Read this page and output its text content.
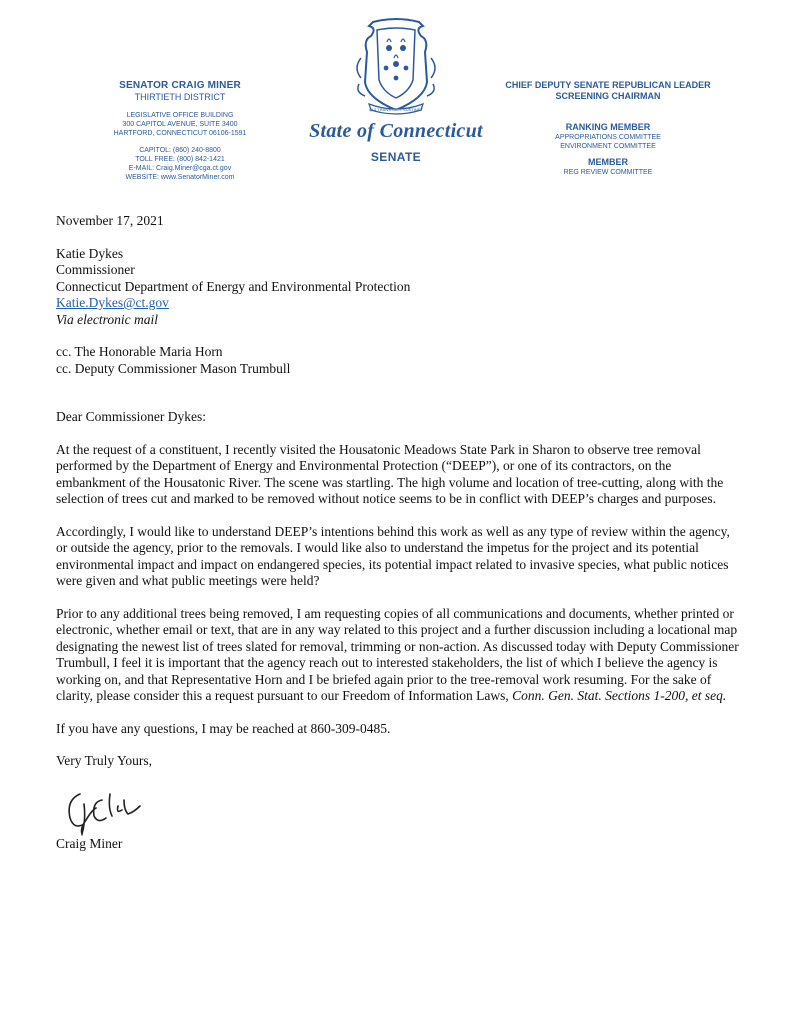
SENATOR CRAIG MINER
THIRTIETH DISTRICT
LEGISLATIVE OFFICE BUILDING
300 CAPITOL AVENUE, SUITE 3400
HARTFORD, CONNECTICUT 06106-1591
CAPITOL: (860) 240-8800
TOLL FREE: (800) 842-1421
E-MAIL: Craig.Miner@cga.ct.gov
WEBSITE: www.SenatorMiner.com
QUI TRANSTULIT SUSTINET
State of Connecticut
SENATE
CHIEF DEPUTY SENATE REPUBLICAN LEADER
SCREENING CHAIRMAN
RANKING MEMBER
APPROPRIATIONS COMMITTEE
ENVIRONMENT COMMITTEE
MEMBER
REG REVIEW COMMITTEE

November 17, 2021

Katie Dykes

Commissioner

Connecticut Department of Energy and Environmental Protection

Katie.Dykes@ct.gov

Via electronic mail

cc. The Honorable Maria Horn

cc. Deputy Commissioner Mason Trumbull

Dear Commissioner Dykes:

At the request of a constituent, I recently visited the Housatonic Meadows State Park in Sharon to observe tree removal performed by the Department of Energy and Environmental Protection (“DEEP”), or one of its contractors, on the embankment of the Housatonic River. The scene was startling. The high volume and location of tree-cutting, along with the selection of trees cut and marked to be removed without notice seems to be in conflict with DEEP’s charges and purposes.

Accordingly, I would like to understand DEEP’s intentions behind this work as well as any type of review within the agency, or outside the agency, prior to the removals. I would like also to understand the impetus for the project and its potential environmental impact and impact on endangered species, its potential impact related to invasive species, what public notices were given and what public meetings were held?

Prior to any additional trees being removed, I am requesting copies of all communications and documents, whether printed or electronic, whether email or text, that are in any way related to this project and a further discussion including a locational map designating the newest list of trees slated for removal, trimming or non-action. As discussed today with Deputy Commissioner Trumbull, I feel it is important that the agency reach out to interested stakeholders, the list of which I believe the agency is working on, and that Representative Horn and I be briefed again prior to the tree-removal work resuming. For the sake of clarity, please consider this a request pursuant to our Freedom of Information Laws, Conn. Gen. Stat. Sections 1-200, et seq.

If you have any questions, I may be reached at 860-309-0485.

Very Truly Yours,

Craig Miner
